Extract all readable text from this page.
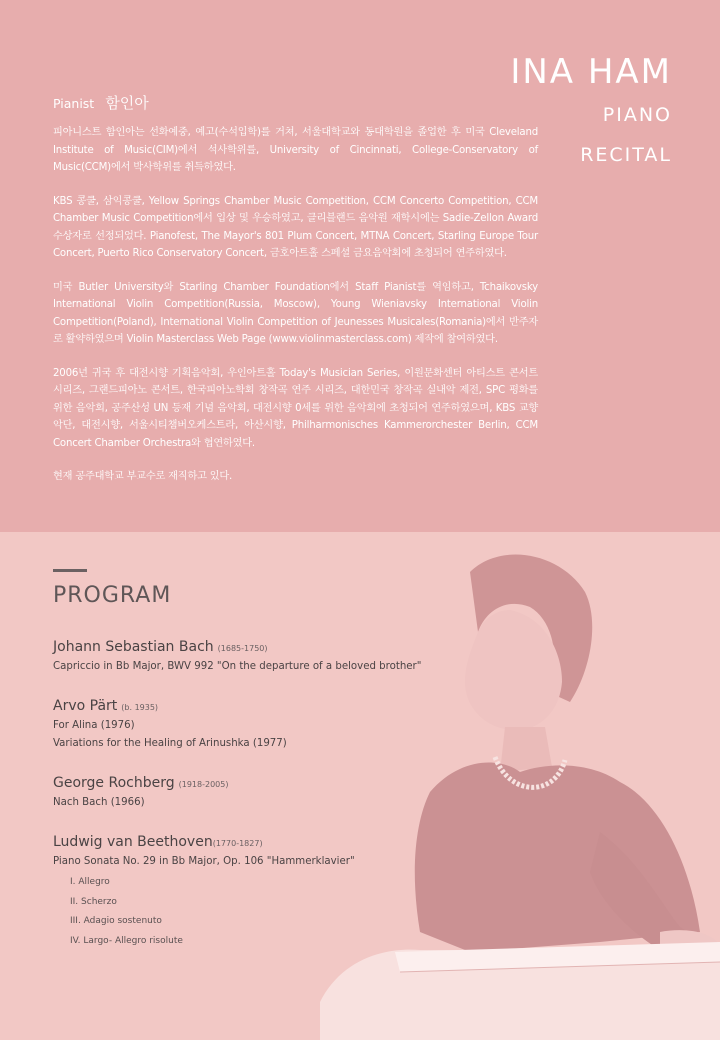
INA HAM
PIANO
RECITAL
Pianist 함인아

피아니스트 함인아는 선화예중, 예고(수석입학)를 거쳐, 서울대학교와 동대학원을 졸업한 후 미국 Cleveland Institute of Music(CIM)에서 석사학위를, University of Cincinnati, College-Conservatory of Music(CCM)에서 박사학위를 취득하였다.

KBS 콩쿨, 삼익콩쿨, Yellow Springs Chamber Music Competition, CCM Concerto Competition, CCM Chamber Music Competition에서 입상 및 우승하였고, 클리블랜드 음악원 재학시에는 Sadie-Zellon Award 수상자로 선정되었다. Pianofest, The Mayor's 801 Plum Concert, MTNA Concert, Starling Europe Tour Concert, Puerto Rico Conservatory Concert, 금호아트홀 스페셜 금요음악회에 초청되어 연주하였다.

미국 Butler University와 Starling Chamber Foundation에서 Staff Pianist를 역임하고, Tchaikovsky International Violin Competition(Russia, Moscow), Young Wieniavsky International Violin Competition(Poland), International Violin Competition of Jeunesses Musicales(Romania)에서 반주자로 활약하였으며 Violin Masterclass Web Page (www.violinmasterclass.com) 제작에 참여하였다.

2006년 귀국 후 대전시향 기획음악회, 우인아트홀 Today's Musician Series, 이원문화센터 아티스트 콘서트 시리즈, 그랜드피아노 콘서트, 한국피아노학회 창작곡 연주 시리즈, 대한민국 창작곡 실내악 제전, SPC 평화를 위한 음악회, 공주산성 UN 등재 기념 음악회, 대전시향 0세를 위한 음악회에 초청되어 연주하였으며, KBS 교향악단, 대전시향, 서울시티챔버오케스트라, 아산시향, Philharmonisches Kammerorchester Berlin, CCM Concert Chamber Orchestra와 협연하였다.

현재 공주대학교 부교수로 재직하고 있다.

PROGRAM
Johann Sebastian Bach (1685-1750)
Capriccio in Bb Major, BWV 992 "On the departure of a beloved brother"
Arvo Pärt (b. 1935)
For Alina (1976)
Variations for the Healing of Arinushka (1977)
George Rochberg (1918-2005)
Nach Bach (1966)
Ludwig van Beethoven(1770-1827)
Piano Sonata No. 29 in Bb Major, Op. 106 "Hammerklavier"
I. Allegro
II. Scherzo
III. Adagio sostenuto
IV. Largo- Allegro risolute
